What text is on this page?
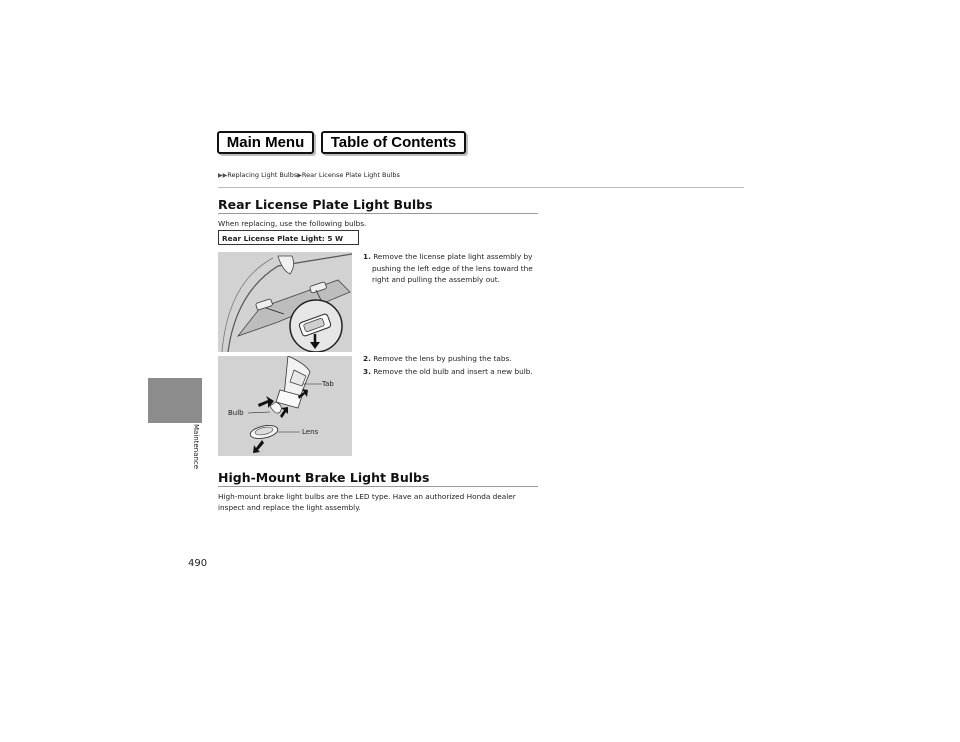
Main Menu	Table of Contents
▶▶Replacing Light Bulbs▶Rear License Plate Light Bulbs
Rear License Plate Light Bulbs
When replacing, use the following bulbs.
Rear License Plate Light: 5 W
1. Remove the license plate light assembly by
pushing the left edge of the lens toward the
right and pulling the assembly out.
2. Remove the lens by pushing the tabs.
3. Remove the old bulb and insert a new bulb.
Tab
Bulb
Lens
High-Mount Brake Light Bulbs
High-mount brake light bulbs are the LED type. Have an authorized Honda dealer
inspect and replace the light assembly.
Maintenance
490
